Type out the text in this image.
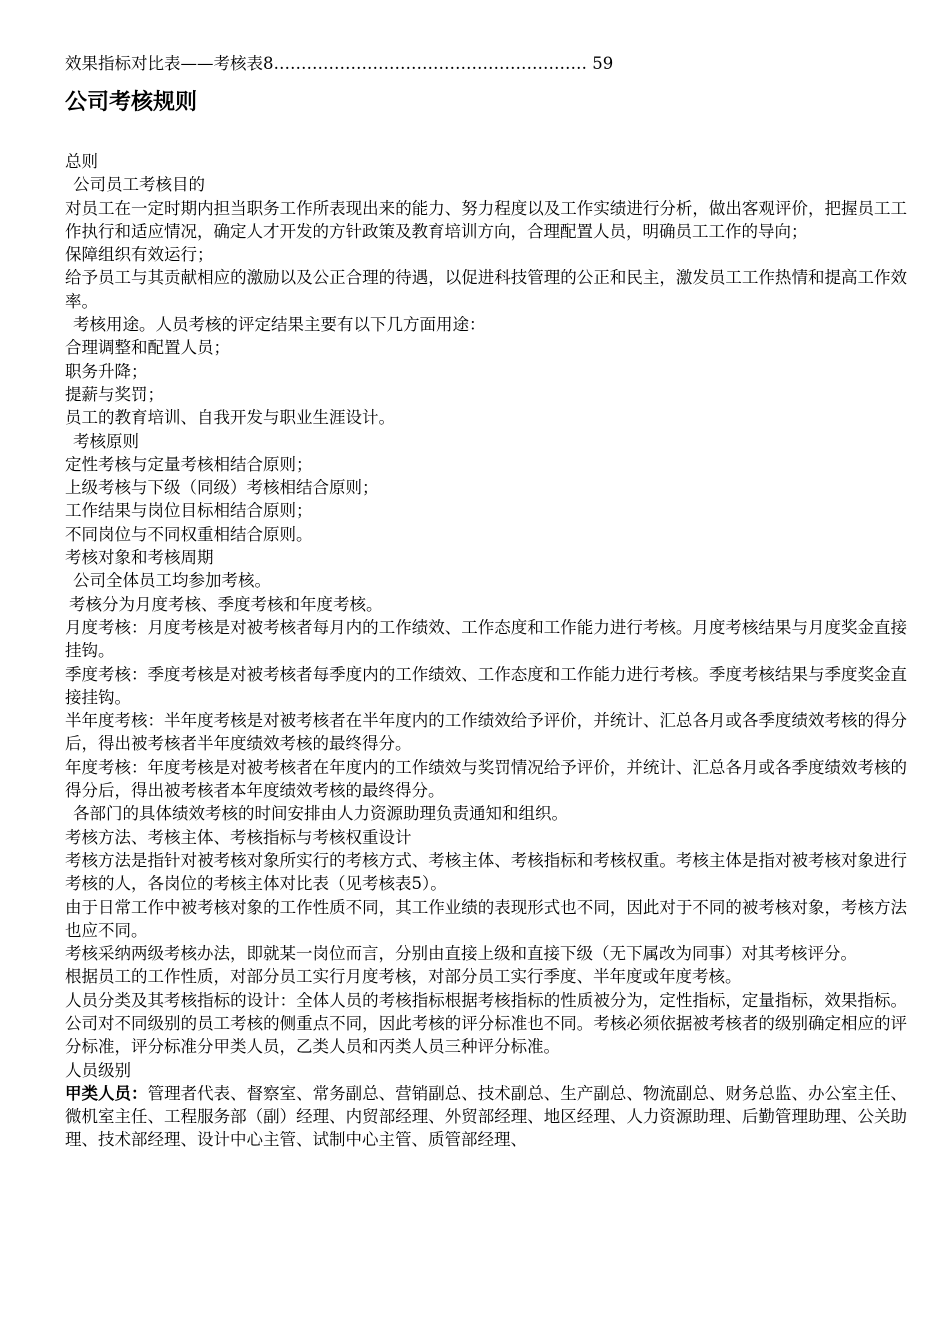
效果指标对比表——考核表8………………………………………………… 59
公司考核规则
总则
公司员工考核目的
对员工在一定时期内担当职务工作所表现出来的能力、努力程度以及工作实绩进行分析，做出客观评价，把握员工工作执行和适应情况，确定人才开发的方针政策及教育培训方向，合理配置人员，明确员工工作的导向；
保障组织有效运行；
给予员工与其贡献相应的激励以及公正合理的待遇，以促进科技管理的公正和民主，激发员工工作热情和提高工作效率。
考核用途。人员考核的评定结果主要有以下几方面用途：
合理调整和配置人员；
职务升降；
提薪与奖罚；
员工的教育培训、自我开发与职业生涯设计。
考核原则
定性考核与定量考核相结合原则；
上级考核与下级（同级）考核相结合原则；
工作结果与岗位目标相结合原则；
不同岗位与不同权重相结合原则。
考核对象和考核周期
公司全体员工均参加考核。
考核分为月度考核、季度考核和年度考核。
月度考核：月度考核是对被考核者每月内的工作绩效、工作态度和工作能力进行考核。月度考核结果与月度奖金直接挂钩。
季度考核：季度考核是对被考核者每季度内的工作绩效、工作态度和工作能力进行考核。季度考核结果与季度奖金直接挂钩。
半年度考核：半年度考核是对被考核者在半年度内的工作绩效给予评价，并统计、汇总各月或各季度绩效考核的得分后，得出被考核者半年度绩效考核的最终得分。
年度考核：年度考核是对被考核者在年度内的工作绩效与奖罚情况给予评价，并统计、汇总各月或各季度绩效考核的得分后，得出被考核者本年度绩效考核的最终得分。
各部门的具体绩效考核的时间安排由人力资源助理负责通知和组织。
考核方法、考核主体、考核指标与考核权重设计
考核方法是指针对被考核对象所实行的考核方式、考核主体、考核指标和考核权重。考核主体是指对被考核对象进行考核的人，各岗位的考核主体对比表（见考核表5）。
由于日常工作中被考核对象的工作性质不同，其工作业绩的表现形式也不同，因此对于不同的被考核对象，考核方法也应不同。
考核采纳两级考核办法，即就某一岗位而言，分别由直接上级和直接下级（无下属改为同事）对其考核评分。
根据员工的工作性质，对部分员工实行月度考核，对部分员工实行季度、半年度或年度考核。
人员分类及其考核指标的设计：全体人员的考核指标根据考核指标的性质被分为，定性指标，定量指标，效果指标。公司对不同级别的员工考核的侧重点不同，因此考核的评分标准也不同。考核必须依据被考核者的级别确定相应的评分标准，评分标准分甲类人员，乙类人员和丙类人员三种评分标准。
人员级别
甲类人员：管理者代表、督察室、常务副总、营销副总、技术副总、生产副总、物流副总、财务总监、办公室主任、微机室主任、工程服务部（副）经理、内贸部经理、外贸部经理、地区经理、人力资源助理、后勤管理助理、公关助理、技术部经理、设计中心主管、试制中心主管、质管部经理、
